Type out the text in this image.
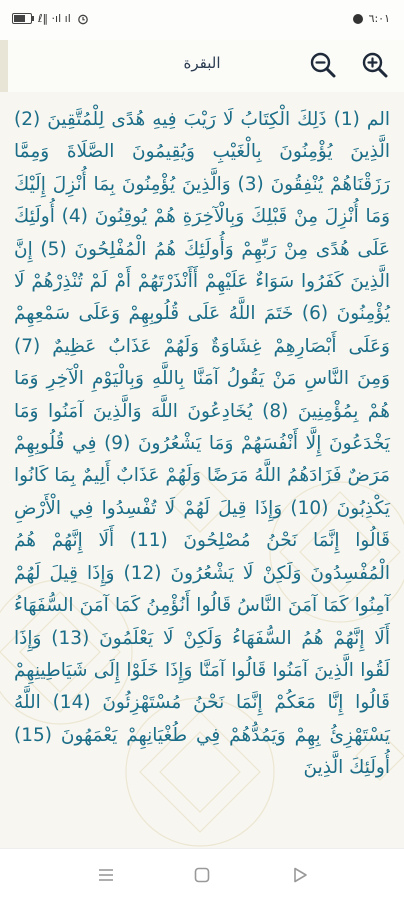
ℓ‖ ·ıl ıl	٦:٠١
البقرة
الم (1) ذَلِكَ الْكِتَابُ لَا رَيْبَ فِيهِ هُدًى لِلْمُتَّقِينَ (2) الَّذِينَ يُؤْمِنُونَ بِالْغَيْبِ وَيُقِيمُونَ الصَّلَاةَ وَمِمَّا رَزَقْنَاهُمْ يُنْفِقُونَ (3) وَالَّذِينَ يُؤْمِنُونَ بِمَا أُنْزِلَ إِلَيْكَ وَمَا أُنْزِلَ مِنْ قَبْلِكَ وَبِالْآخِرَةِ هُمْ يُوقِنُونَ (4) أُولَئِكَ عَلَى هُدًى مِنْ رَبِّهِمْ وَأُولَئِكَ هُمُ الْمُفْلِحُونَ (5) إِنَّ الَّذِينَ كَفَرُوا سَوَاءٌ عَلَيْهِمْ أَأَنْذَرْتَهُمْ أَمْ لَمْ تُنْذِرْهُمْ لَا يُؤْمِنُونَ (6) خَتَمَ اللَّهُ عَلَى قُلُوبِهِمْ وَعَلَى سَمْعِهِمْ وَعَلَى أَبْصَارِهِمْ غِشَاوَةٌ وَلَهُمْ عَذَابٌ عَظِيمٌ (7) وَمِنَ النَّاسِ مَنْ يَقُولُ آمَنَّا بِاللَّهِ وَبِالْيَوْمِ الْآخِرِ وَمَا هُمْ بِمُؤْمِنِينَ (8) يُخَادِعُونَ اللَّهَ وَالَّذِينَ آمَنُوا وَمَا يَخْدَعُونَ إِلَّا أَنْفُسَهُمْ وَمَا يَشْعُرُونَ (9) فِي قُلُوبِهِمْ مَرَضٌ فَزَادَهُمُ اللَّهُ مَرَضًا وَلَهُمْ عَذَابٌ أَلِيمٌ بِمَا كَانُوا يَكْذِبُونَ (10) وَإِذَا قِيلَ لَهُمْ لَا تُفْسِدُوا فِي الْأَرْضِ قَالُوا إِنَّمَا نَحْنُ مُصْلِحُونَ (11) أَلَا إِنَّهُمْ هُمُ الْمُفْسِدُونَ وَلَكِنْ لَا يَشْعُرُونَ (12) وَإِذَا قِيلَ لَهُمْ آمِنُوا كَمَا آمَنَ النَّاسُ قَالُوا أَنُؤْمِنُ كَمَا آمَنَ السُّفَهَاءُ أَلَا إِنَّهُمْ هُمُ السُّفَهَاءُ وَلَكِنْ لَا يَعْلَمُونَ (13) وَإِذَا لَقُوا الَّذِينَ آمَنُوا قَالُوا آمَنَّا وَإِذَا خَلَوْا إِلَى شَيَاطِينِهِمْ قَالُوا إِنَّا مَعَكُمْ إِنَّمَا نَحْنُ مُسْتَهْزِئُونَ (14) اللَّهُ يَسْتَهْزِئُ بِهِمْ وَيَمُدُّهُمْ فِي طُغْيَانِهِمْ يَعْمَهُونَ (15) أُولَئِكَ الَّذِينَ
